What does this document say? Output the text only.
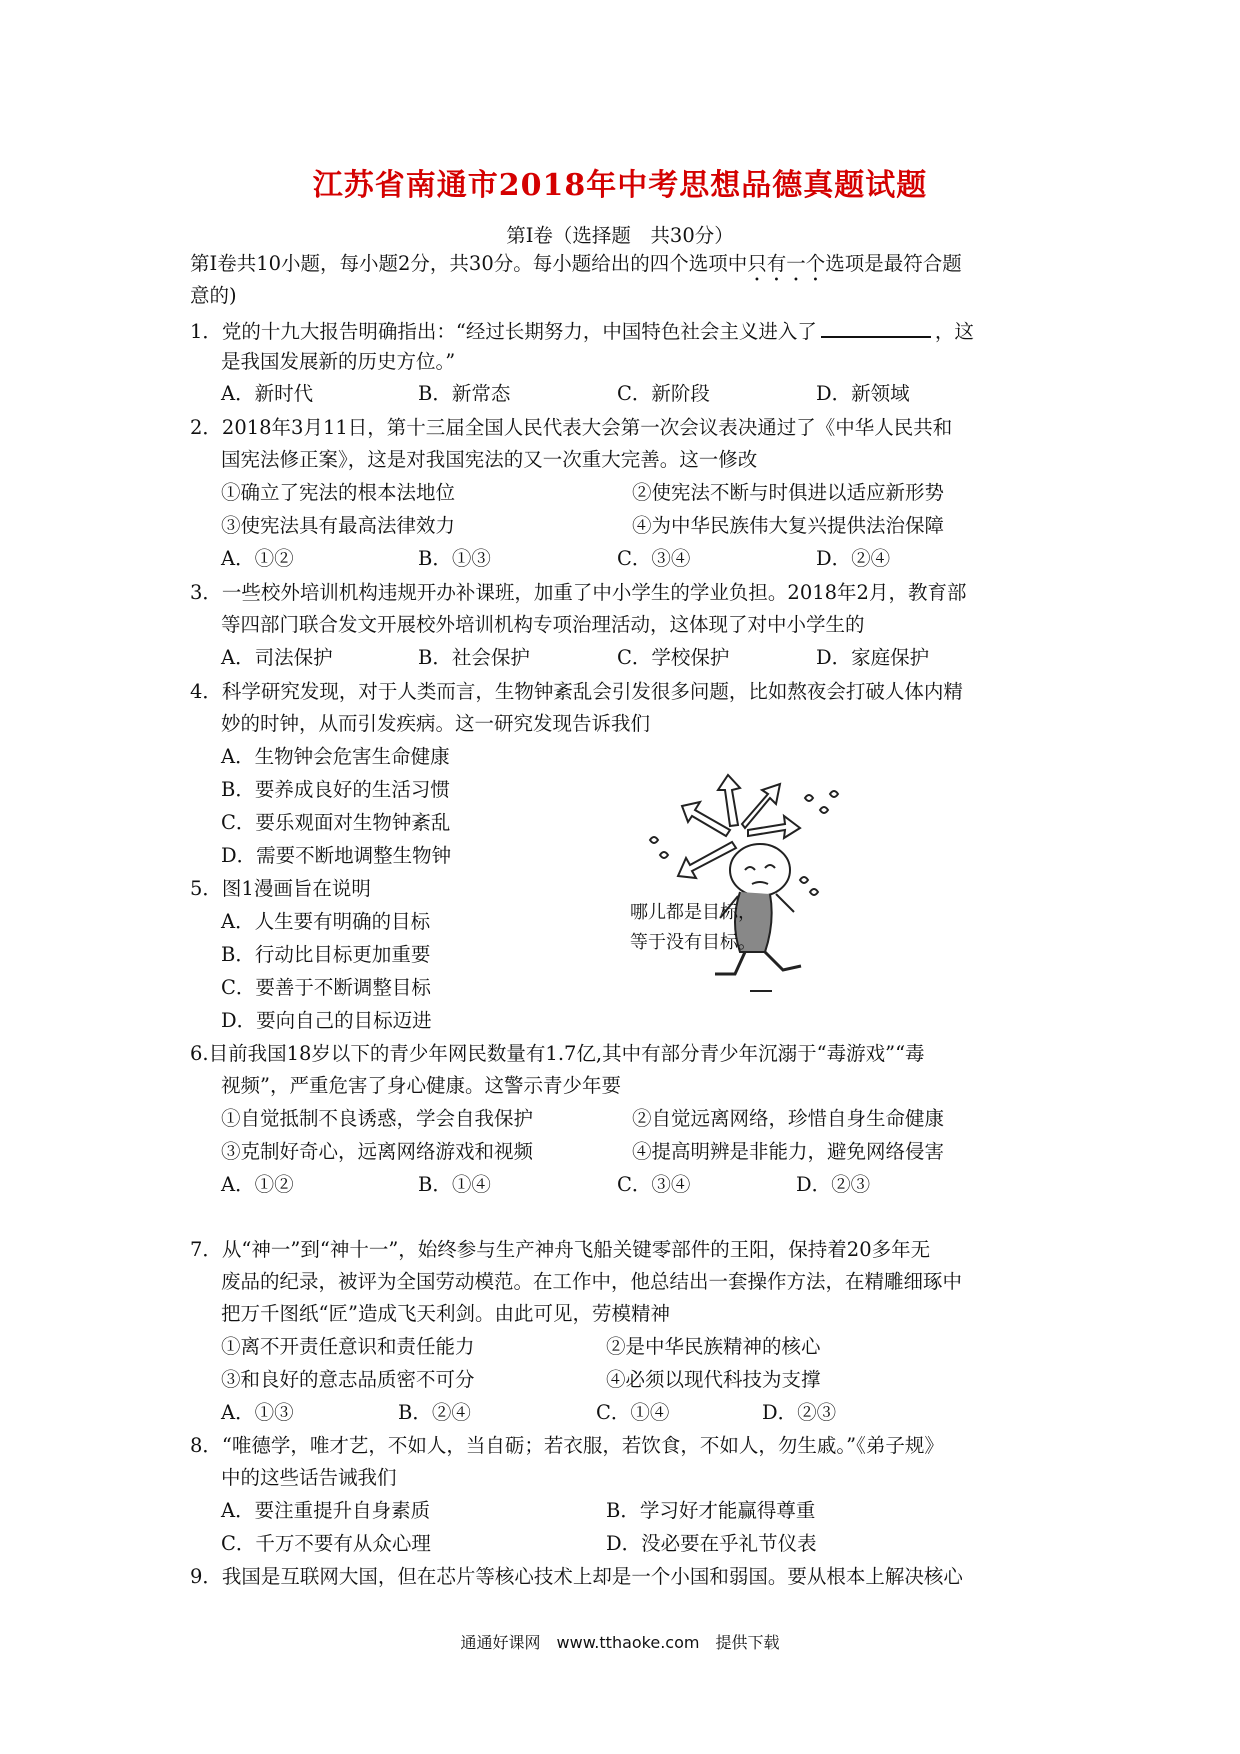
江苏省南通市2018年中考思想品德真题试题
第Ⅰ卷（选择题　共30分）
第Ⅰ卷共10小题，每小题2分，共30分。每小题给出的四个选项中只有一个选项是最符合题
意的)
1．党的十九大报告明确指出：“经过长期努力，中国特色社会主义进入了	，这
是我国发展新的历史方位。”
A．新时代	B．新常态	C．新阶段	D．新领域
2．2018年3月11日，第十三届全国人民代表大会第一次会议表决通过了《中华人民共和
国宪法修正案》，这是对我国宪法的又一次重大完善。这一修改
①确立了宪法的根本法地位	②使宪法不断与时俱进以适应新形势
③使宪法具有最高法律效力	④为中华民族伟大复兴提供法治保障
A．①②	B．①③	C．③④	D．②④
3．一些校外培训机构违规开办补课班，加重了中小学生的学业负担。2018年2月，教育部
等四部门联合发文开展校外培训机构专项治理活动，这体现了对中小学生的
A．司法保护	B．社会保护	C．学校保护	D．家庭保护
4．科学研究发现，对于人类而言，生物钟紊乱会引发很多问题，比如熬夜会打破人体内精
妙的时钟，从而引发疾病。这一研究发现告诉我们
A．生物钟会危害生命健康
B．要养成良好的生活习惯
C．要乐观面对生物钟紊乱
D．需要不断地调整生物钟
5．图1漫画旨在说明
A．人生要有明确的目标
B．行动比目标更加重要
C．要善于不断调整目标
D．要向自己的目标迈进
哪儿都是目标，
等于没有目标。
6.目前我国18岁以下的青少年网民数量有1.7亿,其中有部分青少年沉溺于“毒游戏”“毒
视频”，严重危害了身心健康。这警示青少年要
①自觉抵制不良诱惑，学会自我保护	②自觉远离网络，珍惜自身生命健康
③克制好奇心，远离网络游戏和视频	④提高明辨是非能力，避免网络侵害
A．①②	B．①④	C．③④	D．②③
7．从“神一”到“神十一”，始终参与生产神舟飞船关键零部件的王阳，保持着20多年无
废品的纪录，被评为全国劳动模范。在工作中，他总结出一套操作方法，在精雕细琢中
把万千图纸“匠”造成飞天利剑。由此可见，劳模精神
①离不开责任意识和责任能力	②是中华民族精神的核心
③和良好的意志品质密不可分	④必须以现代科技为支撑
A．①③	B．②④	C．①④	D．②③
8．“唯德学，唯才艺，不如人，当自砺；若衣服，若饮食，不如人，勿生戚。”《弟子规》
中的这些话告诫我们
A．要注重提升自身素质	B．学习好才能赢得尊重
C．千万不要有从众心理	D．没必要在乎礼节仪表
9．我国是互联网大国，但在芯片等核心技术上却是一个小国和弱国。要从根本上解决核心
通通好课网　www.tthaoke.com　提供下载
